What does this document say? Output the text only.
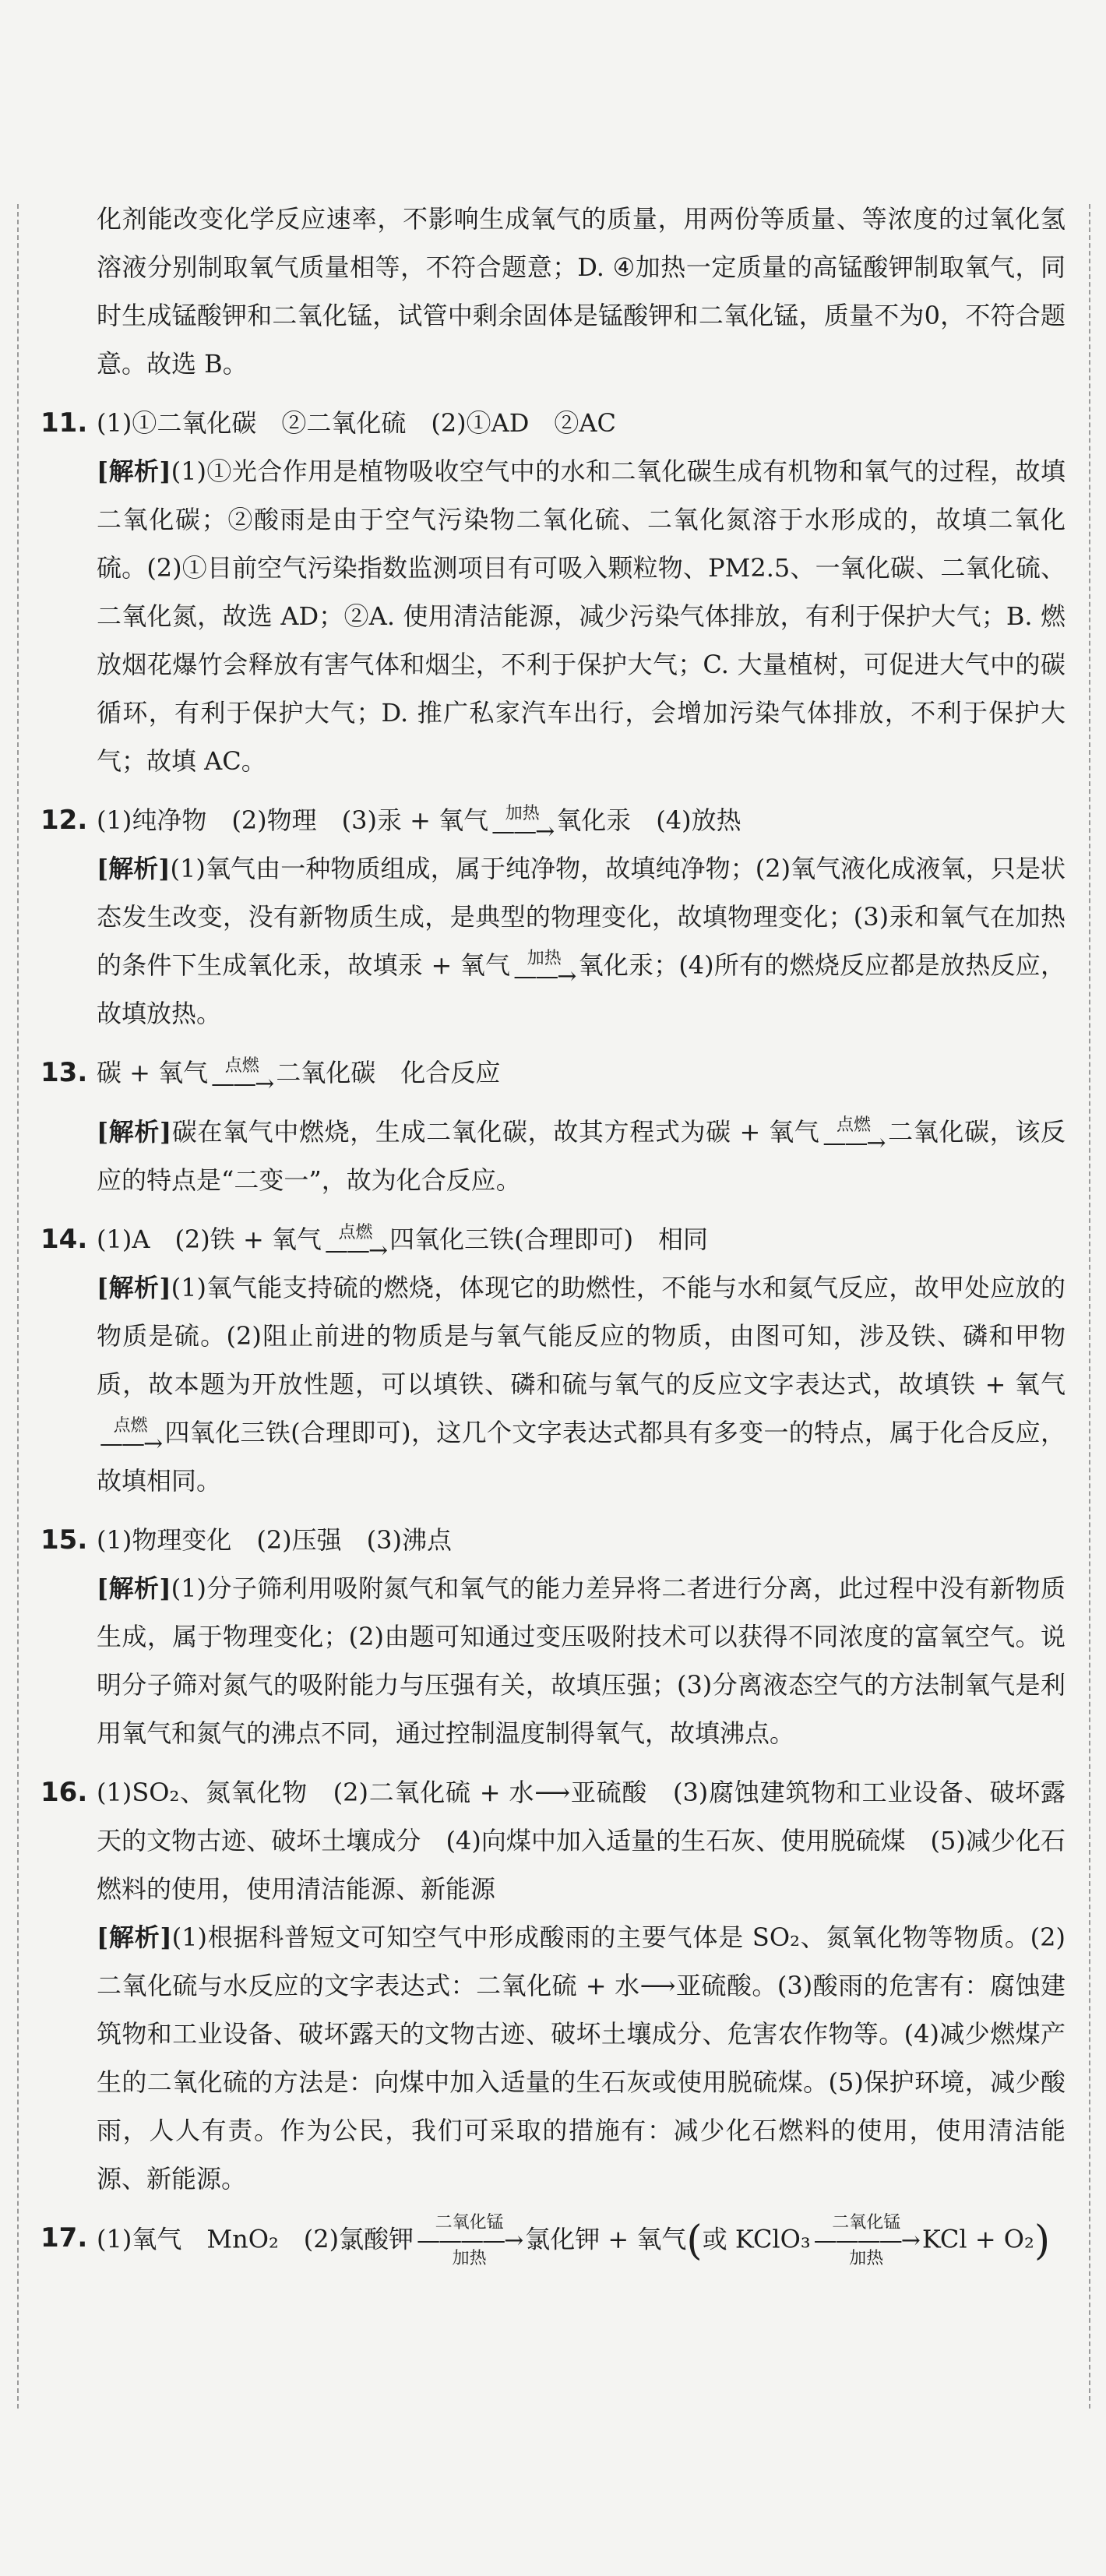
化剂能改变化学反应速率，不影响生成氧气的质量，用两份等质量、等浓度的过氧化氢溶液分别制取氧气质量相等，不符合题意；D. ④加热一定质量的高锰酸钾制取氧气，同时生成锰酸钾和二氧化锰，试管中剩余固体是锰酸钾和二氧化锰，质量不为0，不符合题意。故选 B。

11. (1)①二氧化碳　②二氧化硫　(2)①AD　②AC

[解析](1)①光合作用是植物吸收空气中的水和二氧化碳生成有机物和氧气的过程，故填二氧化碳；②酸雨是由于空气污染物二氧化硫、二氧化氮溶于水形成的，故填二氧化硫。(2)①目前空气污染指数监测项目有可吸入颗粒物、PM2.5、一氧化碳、二氧化硫、二氧化氮，故选 AD；②A. 使用清洁能源，减少污染气体排放，有利于保护大气；B. 燃放烟花爆竹会释放有害气体和烟尘，不利于保护大气；C. 大量植树，可促进大气中的碳循环，有利于保护大气；D. 推广私家汽车出行，会增加污染气体排放，不利于保护大气；故填 AC。

12. (1)纯净物　(2)物理　(3)汞 + 氧气 加热
——→ 氧化汞　(4)放热

[解析](1)氧气由一种物质组成，属于纯净物，故填纯净物；(2)氧气液化成液氧，只是状态发生改变，没有新物质生成，是典型的物理变化，故填物理变化；(3)汞和氧气在加热的条件下生成氧化汞，故填汞 + 氧气 加热
——→ 氧化汞；(4)所有的燃烧反应都是放热反应，故填放热。

13. 碳 + 氧气 点燃
——→ 二氧化碳　化合反应

[解析]碳在氧气中燃烧，生成二氧化碳，故其方程式为碳 + 氧气 点燃
——→ 二氧化碳，该反应的特点是“二变一”，故为化合反应。

14. (1)A　(2)铁 + 氧气 点燃
——→ 四氧化三铁(合理即可)　相同

[解析](1)氧气能支持硫的燃烧，体现它的助燃性，不能与水和氦气反应，故甲处应放的物质是硫。(2)阻止前进的物质是与氧气能反应的物质，由图可知，涉及铁、磷和甲物质，故本题为开放性题，可以填铁、磷和硫与氧气的反应文字表达式，故填铁 + 氧气
点燃
——→ 四氧化三铁(合理即可)，这几个文字表达式都具有多变一的特点，属于化合反应，故填相同。

15. (1)物理变化　(2)压强　(3)沸点

[解析](1)分子筛利用吸附氮气和氧气的能力差异将二者进行分离，此过程中没有新物质生成，属于物理变化；(2)由题可知通过变压吸附技术可以获得不同浓度的富氧空气。说明分子筛对氮气的吸附能力与压强有关，故填压强；(3)分离液态空气的方法制氧气是利用氧气和氮气的沸点不同，通过控制温度制得氧气，故填沸点。

16. (1)SO₂、氮氧化物　(2)二氧化硫 + 水⟶亚硫酸　(3)腐蚀建筑物和工业设备、破坏露天的文物古迹、破坏土壤成分　(4)向煤中加入适量的生石灰、使用脱硫煤　(5)减少化石燃料的使用，使用清洁能源、新能源

[解析](1)根据科普短文可知空气中形成酸雨的主要气体是 SO₂、氮氧化物等物质。(2)二氧化硫与水反应的文字表达式：二氧化硫 + 水⟶亚硫酸。(3)酸雨的危害有：腐蚀建筑物和工业设备、破坏露天的文物古迹、破坏土壤成分、危害农作物等。(4)减少燃煤产生的二氧化硫的方法是：向煤中加入适量的生石灰或使用脱硫煤。(5)保护环境，减少酸雨，人人有责。作为公民，我们可采取的措施有：减少化石燃料的使用，使用清洁能源、新能源。

17. (1)氧气　MnO₂　(2)氯酸钾
二氧化锰
————→
加热
氯化钾 + 氧气(或 KClO₃
二氧化锰
————→
加热
KCl + O₂)
